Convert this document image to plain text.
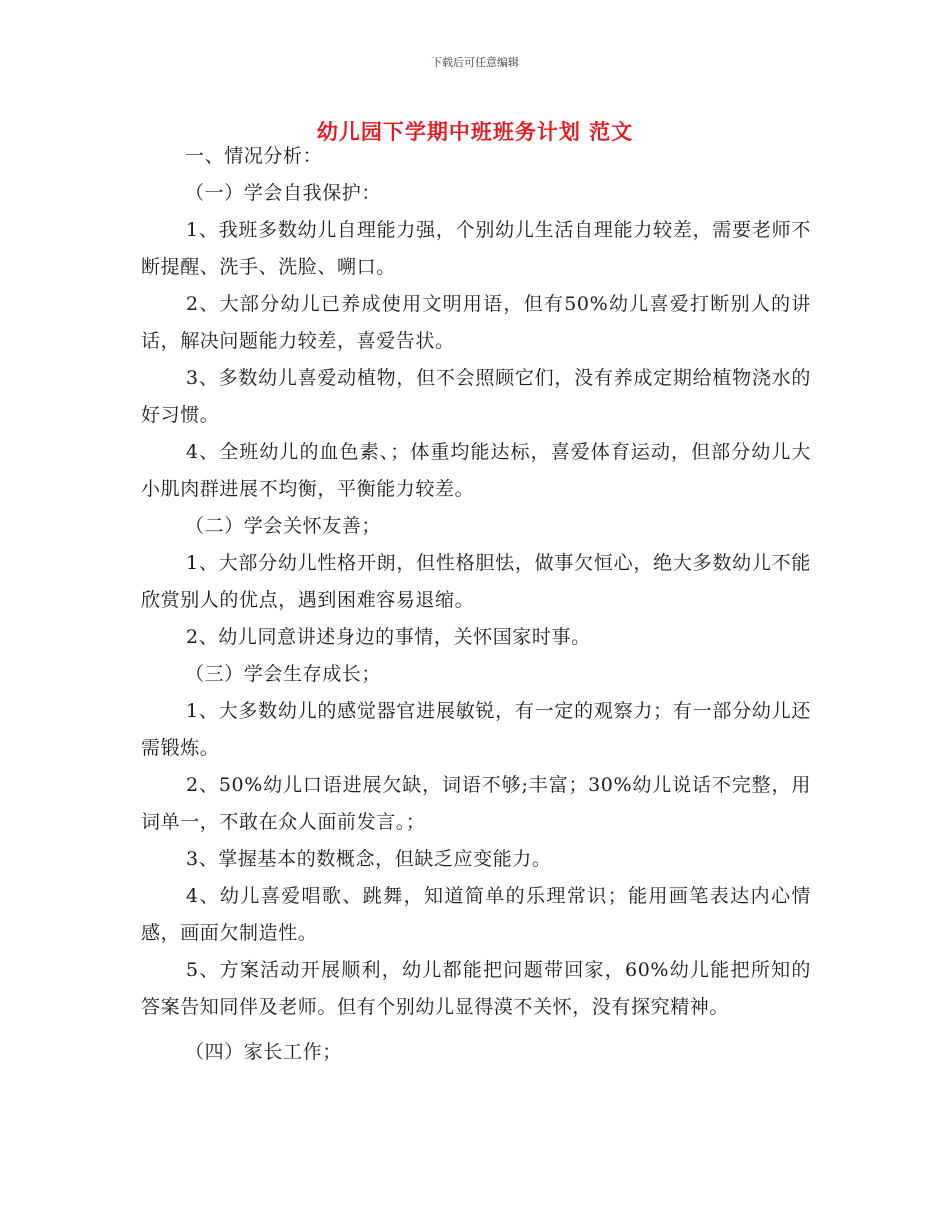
下载后可任意编辑
幼儿园下学期中班班务计划 范文

一、情况分析：

（一）学会自我保护：

1、我班多数幼儿自理能力强，个别幼儿生活自理能力较差，需要老师不断提醒、洗手、洗脸、嗍口。

2、大部分幼儿已养成使用文明用语，但有50%幼儿喜爱打断别人的讲话，解决问题能力较差，喜爱告状。

3、多数幼儿喜爱动植物，但不会照顾它们，没有养成定期给植物浇水的好习惯。

4、全班幼儿的血色素、；体重均能达标，喜爱体育运动，但部分幼儿大小肌肉群进展不均衡，平衡能力较差。

（二）学会关怀友善；

1、大部分幼儿性格开朗，但性格胆怯，做事欠恒心，绝大多数幼儿不能欣赏别人的优点，遇到困难容易退缩。

2、幼儿同意讲述身边的事情，关怀国家时事。

（三）学会生存成长；

1、大多数幼儿的感觉器官进展敏锐，有一定的观察力；有一部分幼儿还需锻炼。

2、50%幼儿口语进展欠缺，词语不够;丰富；30%幼儿说话不完整，用词单一，不敢在众人面前发言。；

3、掌握基本的数概念，但缺乏应变能力。

4、幼儿喜爱唱歌、跳舞，知道简单的乐理常识；能用画笔表达内心情感，画面欠制造性。

5、方案活动开展顺利，幼儿都能把问题带回家，60%幼儿能把所知的答案告知同伴及老师。但有个别幼儿显得漠不关怀，没有探究精神。

（四）家长工作；
